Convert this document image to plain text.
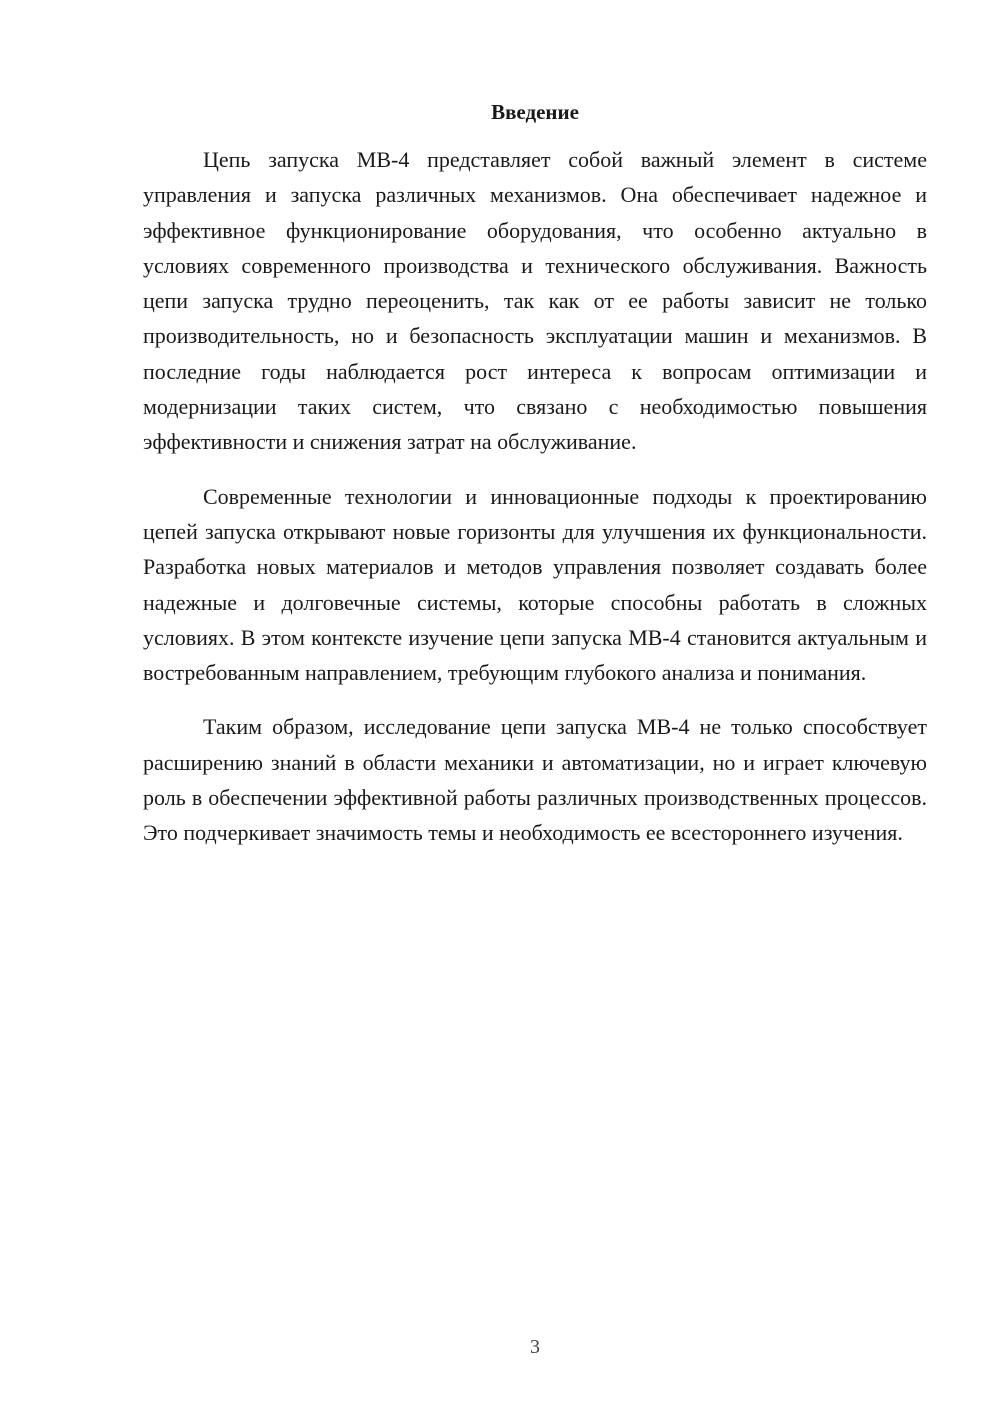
Введение

Цепь запуска МВ-4 представляет собой важный элемент в системе управления и запуска различных механизмов. Она обеспечивает надежное и эффективное функционирование оборудования, что особенно актуально в условиях современного производства и технического обслуживания. Важность цепи запуска трудно переоценить, так как от ее работы зависит не только производительность, но и безопасность эксплуатации машин и механизмов. В последние годы наблюдается рост интереса к вопросам оптимизации и модернизации таких систем, что связано с необходимостью повышения эффективности и снижения затрат на обслуживание.

Современные технологии и инновационные подходы к проектированию цепей запуска открывают новые горизонты для улучшения их функциональности. Разработка новых материалов и методов управления позволяет создавать более надежные и долговечные системы, которые способны работать в сложных условиях. В этом контексте изучение цепи запуска МВ-4 становится актуальным и востребованным направлением, требующим глубокого анализа и понимания.

Таким образом, исследование цепи запуска МВ-4 не только способствует расширению знаний в области механики и автоматизации, но и играет ключевую роль в обеспечении эффективной работы различных производственных процессов. Это подчеркивает значимость темы и необходимость ее всестороннего изучения.

3
